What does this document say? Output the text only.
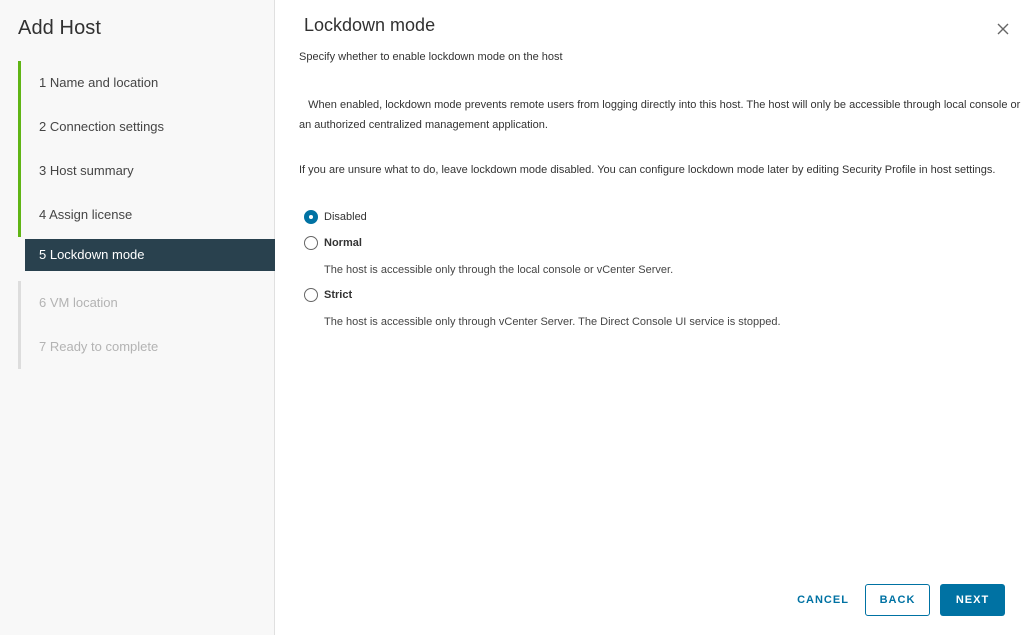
Add Host
1 Name and location
2 Connection settings
3 Host summary
4 Assign license
5 Lockdown mode
6 VM location
7 Ready to complete
Lockdown mode
Specify whether to enable lockdown mode on the host
When enabled, lockdown mode prevents remote users from logging directly into this host. The host will only be accessible through local console or an authorized centralized management application.
If you are unsure what to do, leave lockdown mode disabled. You can configure lockdown mode later by editing Security Profile in host settings.
Disabled
Normal
The host is accessible only through the local console or vCenter Server.
Strict
The host is accessible only through vCenter Server. The Direct Console UI service is stopped.
CANCEL	BACK	NEXT
